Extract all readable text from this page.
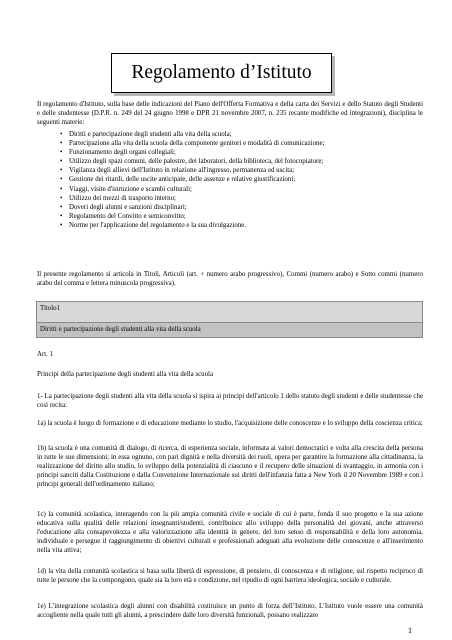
Regolamento d’Istituto
Il regolamento d'Istituto, sulla base delle indicazioni del Piano dell'Offerta Formativa e della carta dei Servizi e dello Statuto degli Studenti e delle studentesse (D.P.R. n. 249 del 24 giugno 1998 e DPR 21 novembre 2007, n. 235 recante modifiche ed integrazioni), disciplina le seguenti materie:
• Diritti e partecipazione degli studenti alla vita della scuola;
• Partecipazione alla vita della scuola della componente genitori e modalità di comunicazione;
• Funzionamento degli organi collegiali;
• Utilizzo degli spazi comuni, delle palestre, dei laboratori, della biblioteca, del fotocopiatore;
• Vigilanza degli allievi dell'Istituto in relazione all'ingresso, permanenza ed uscita;
• Gestione dei ritardi, delle uscite anticipate, delle assenze e relative giustificazioni;
• Viaggi, visite d'istruzione e scambi culturali;
• Utilizzo dei mezzi di trasporto interno;
• Doveri degli alunni e sanzioni disciplinari;
• Regolamento del Convitto e semiconvitto;
• Norme per l'applicazione del regolamento e la sua divulgazione.
Il presente regolamento si articola in Titoli, Articoli (art. + numero arabo progressivo), Commi (numero arabo) e Sotto commi (numero arabo del comma e lettera minuscola progressiva).
Titolo1
Diritti e partecipazione degli studenti alla vita della scuola
Art. 1
Principi della partecipazione degli studenti alla vita della scuola
1- La partecipazione degli studenti alla vita della scuola si ispira ai principi dell'articolo 1 dello statuto degli studenti e delle studentesse che così recita:
1a) la scuola è luogo di formazione e di educazione mediante lo studio, l'acquisizione delle conoscenze e lo sviluppo della coscienza critica;
1b) la scuola è una comunità di dialogo, di ricerca, di esperienza sociale, informata ai valori democratici e volta alla crescita della persona in tutte le sue dimensioni; in essa ognuno, con pari dignità e nella diversità dei ruoli, opera per garantire la formazione alla cittadinanza, la realizzazione del diritto allo studio, lo sviluppo della potenzialità di ciascuno e il recupero delle situazioni di svantaggio, in armonia con i principi sanciti dalla Costituzione e dalla Convenzione Internazionale sui diritti dell'infanzia fatta a New York il 20 Novembre 1989 e con i principi generali dell'ordinamento italiano;
1c) la comunità scolastica, interagendo con la più ampia comunità civile e sociale di cui è parte, fonda il suo progetto e la sua azione educativa sulla qualità delle relazioni insegnanti/studenti, contribuisce allo sviluppo della personalità dei giovani, anche attraverso l'educazione alla consapevolezza e alla valorizzazione alla identità in genere, del loro senso di responsabilità e della loro autonomia, individuale e persegue il raggiungimento di obiettivi culturali e professionali adeguati alla evoluzione delle conoscenze e all'inserimento nella vita attiva;
1d) la vita della comunità scolastica si basa sulla libertà di espressione, di pensiero, di conoscenza e di religione, sul rispetto reciproco di tutte le persone che la compongono, quale sia la loro età e condizione, nel ripudio di ogni barriera ideologica, sociale e culturale.
1e) L’integrazione scolastica degli alunni con disabilità costituisce un punto di forza dell’Istituto. L’Istituto vuole essere una comunità accogliente nella quale tutti gli alunni, a prescindere dalle loro diversità funzionali, possano realizzare
1
